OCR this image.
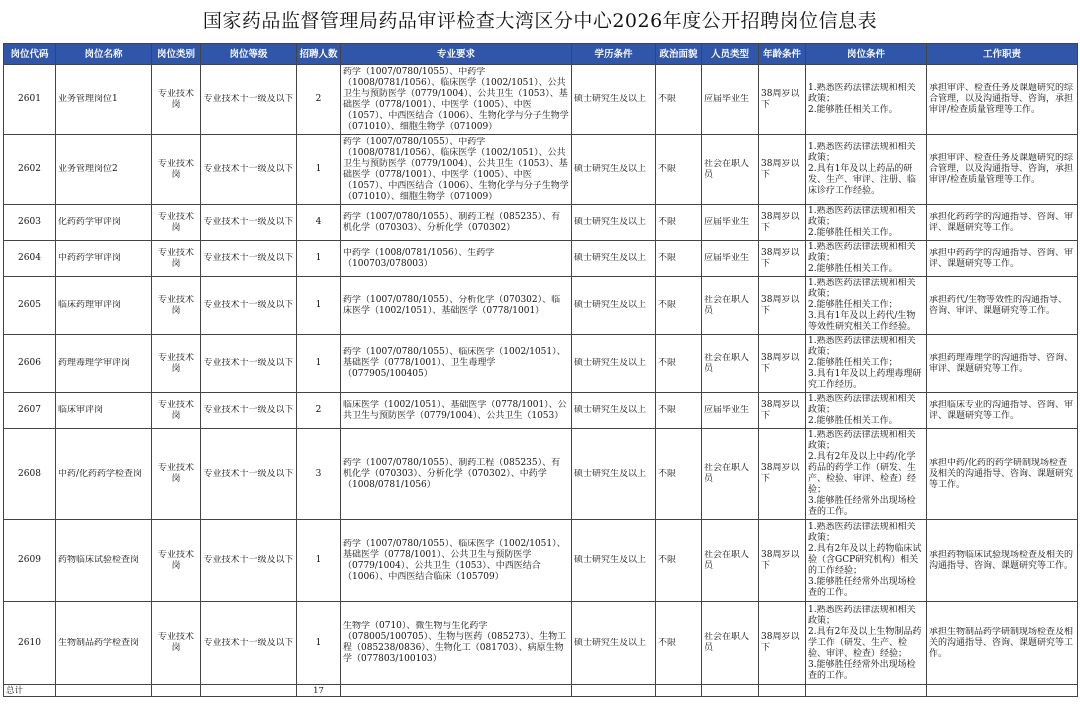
国家药品监督管理局药品审评检查大湾区分中心2026年度公开招聘岗位信息表
岗位代码	岗位名称	岗位类别	岗位等级	招聘人数	专业要求	学历条件	政治面貌	人员类型	年龄条件	岗位条件	工作职责

2601	业务管理岗位1	专业技术岗	专业技术十一级及以下	2	药学（1007/0780/1055）、中药学（1008/0781/1056）、临床医学（1002/1051）、公共卫生与预防医学（0779/1004）、公共卫生（1053）、基础医学（0778/1001）、中医学（1005）、中医（1057）、中西医结合（1006）、生物化学与分子生物学（071010）、细胞生物学（071009）	硕士研究生及以上	不限	应届毕业生	38周岁以下	1.熟悉医药法律法规和相关政策；
2.能够胜任相关工作。	承担审评、检查任务及课题研究的综合管理，以及沟通指导、咨询，承担审评/检查质量管理等工作。

2602	业务管理岗位2	专业技术岗	专业技术十一级及以下	1	药学（1007/0780/1055）、中药学（1008/0781/1056）、临床医学（1002/1051）、公共卫生与预防医学（0779/1004）、公共卫生（1053）、基础医学（0778/1001）、中医学（1005）、中医（1057）、中西医结合（1006）、生物化学与分子生物学（071010）、细胞生物学（071009）	硕士研究生及以上	不限	社会在职人员	38周岁以下	1.熟悉医药法律法规和相关政策；
2.具有1年及以上药品的研发、生产、审评、注册、临床诊疗工作经验。	承担审评、检查任务及课题研究的综合管理，以及沟通指导、咨询，承担审评/检查质量管理等工作。

2603	化药药学审评岗	专业技术岗	专业技术十一级及以下	4	药学（1007/0780/1055）、制药工程（085235）、有机化学（070303）、分析化学（070302）	硕士研究生及以上	不限	应届毕业生	38周岁以下	1.熟悉医药法律法规和相关政策；
2.能够胜任相关工作。	承担化药药学的沟通指导、咨询、审评、课题研究等工作。

2604	中药药学审评岗	专业技术岗	专业技术十一级及以下	1	中药学（1008/0781/1056）、生药学（100703/078003）	硕士研究生及以上	不限	应届毕业生	38周岁以下	1.熟悉医药法律法规和相关政策；
2.能够胜任相关工作。	承担中药药学的沟通指导、咨询、审评、课题研究等工作。

2605	临床药理审评岗	专业技术岗	专业技术十一级及以下	1	药学（1007/0780/1055）、分析化学（070302）、临床医学（1002/1051）、基础医学（0778/1001）	硕士研究生及以上	不限	社会在职人员	38周岁以下	1.熟悉医药法律法规和相关政策；
2.能够胜任相关工作；
3.具有1年及以上药代/生物等效性研究相关工作经验。	承担药代/生物等效性的沟通指导、咨询、审评、课题研究等工作。

2606	药理毒理学审评岗	专业技术岗	专业技术十一级及以下	1	药学（1007/0780/1055）、临床医学（1002/1051）、基础医学（0778/1001）、卫生毒理学（077905/100405）	硕士研究生及以上	不限	社会在职人员	38周岁以下	1.熟悉医药法律法规和相关政策；
2.能够胜任相关工作；
3.具有1年及以上药理毒理研究工作经历。	承担药理毒理学的沟通指导、咨询、审评、课题研究等工作。

2607	临床审评岗	专业技术岗	专业技术十一级及以下	2	临床医学（1002/1051）、基础医学（0778/1001）、公共卫生与预防医学（0779/1004）、公共卫生（1053）	硕士研究生及以上	不限	应届毕业生	38周岁以下	1.熟悉医药法律法规和相关政策；
2.能够胜任相关工作。	承担临床专业的沟通指导、咨询、审评、课题研究等工作。

2608	中药/化药药学检查岗	专业技术岗	专业技术十一级及以下	3	药学（1007/0780/1055）、制药工程（085235）、有机化学（070303）、分析化学（070302）、中药学（1008/0781/1056）	硕士研究生及以上	不限	社会在职人员	38周岁以下	1.熟悉医药法律法规和相关政策；
2.具有2年及以上中药/化学药品的药学工作（研发、生产、检验、审评、检查）经验；
3.能够胜任经常外出现场检查的工作。	承担中药/化药的药学研制现场检查及相关的沟通指导、咨询、课题研究等工作。

2609	药物临床试验检查岗	专业技术岗	专业技术十一级及以下	1	药学（1007/0780/1055）、临床医学（1002/1051）、基础医学（0778/1001）、公共卫生与预防医学（0779/1004）、公共卫生（1053）、中西医结合（1006）、中西医结合临床（105709）	硕士研究生及以上	不限	社会在职人员	38周岁以下	1.熟悉医药法律法规和相关政策；
2.具有2年及以上药物临床试验（含GCP研究机构）相关的工作经验；
3.能够胜任经常外出现场检查的工作。	承担药物临床试验现场检查及相关的沟通指导、咨询、课题研究等工作。

2610	生物制品药学检查岗	专业技术岗	专业技术十一级及以下	1	生物学（0710）、微生物与生化药学（078005/100705）、生物与医药（085273）、生物工程（085238/0836）、生物化工（081703）、病原生物学（077803/100103）	硕士研究生及以上	不限	社会在职人员	38周岁以下	1.熟悉医药法律法规和相关政策；
2.具有2年及以上生物制品药学工作（研发、生产、检验、审评、检查）经验；
3.能够胜任经常外出现场检查的工作。	承担生物制品药学研制现场检查及相关的沟通指导、咨询、课题研究等工作。

总计				17							
